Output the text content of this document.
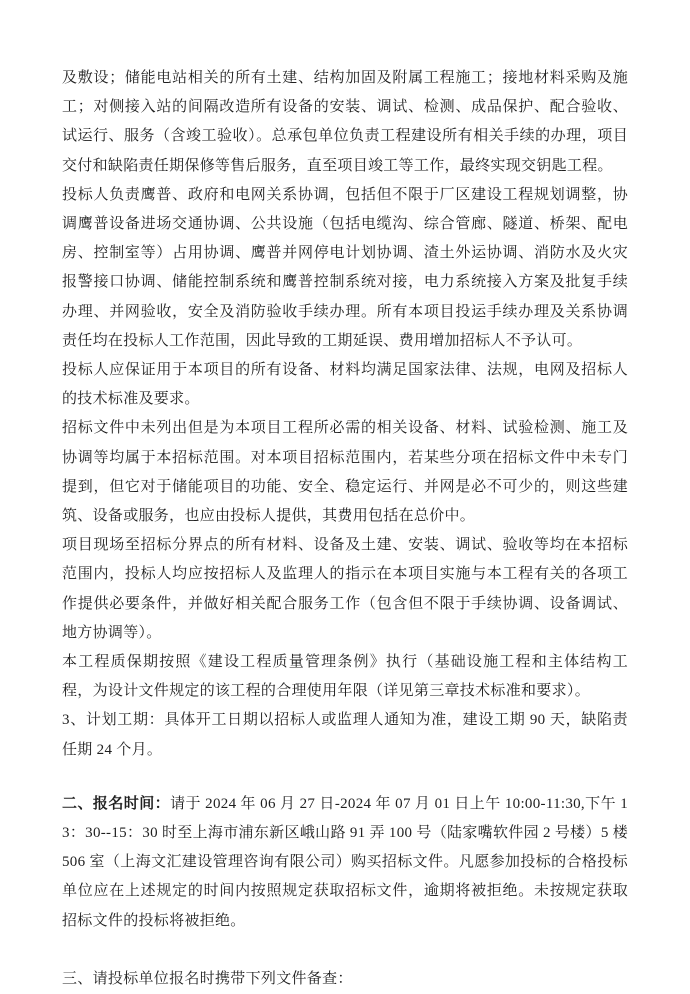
及敷设；储能电站相关的所有土建、结构加固及附属工程施工；接地材料采购及施工；对侧接入站的间隔改造所有设备的安装、调试、检测、成品保护、配合验收、试运行、服务（含竣工验收）。总承包单位负责工程建设所有相关手续的办理，项目交付和缺陷责任期保修等售后服务，直至项目竣工等工作，最终实现交钥匙工程。

投标人负责鹰普、政府和电网关系协调，包括但不限于厂区建设工程规划调整，协调鹰普设备进场交通协调、公共设施（包括电缆沟、综合管廊、隧道、桥架、配电房、控制室等）占用协调、鹰普并网停电计划协调、渣土外运协调、消防水及火灾报警接口协调、储能控制系统和鹰普控制系统对接，电力系统接入方案及批复手续办理、并网验收，安全及消防验收手续办理。所有本项目投运手续办理及关系协调责任均在投标人工作范围，因此导致的工期延误、费用增加招标人不予认可。

投标人应保证用于本项目的所有设备、材料均满足国家法律、法规，电网及招标人的技术标准及要求。

招标文件中未列出但是为本项目工程所必需的相关设备、材料、试验检测、施工及协调等均属于本招标范围。对本项目招标范围内，若某些分项在招标文件中未专门提到，但它对于储能项目的功能、安全、稳定运行、并网是必不可少的，则这些建筑、设备或服务，也应由投标人提供，其费用包括在总价中。

项目现场至招标分界点的所有材料、设备及土建、安装、调试、验收等均在本招标范围内，投标人均应按招标人及监理人的指示在本项目实施与本工程有关的各项工作提供必要条件，并做好相关配合服务工作（包含但不限于手续协调、设备调试、地方协调等）。

本工程质保期按照《建设工程质量管理条例》执行（基础设施工程和主体结构工程，为设计文件规定的该工程的合理使用年限（详见第三章技术标准和要求）。

3、计划工期：具体开工日期以招标人或监理人通知为准，建设工期 90 天，缺陷责任期 24 个月。

二、报名时间：请于 2024 年 06 月 27 日-2024 年 07 月 01 日上午 10:00-11:30,下午 13：30--15：30 时至上海市浦东新区峨山路 91 弄 100 号（陆家嘴软件园 2 号楼）5 楼 506 室（上海文汇建设管理咨询有限公司）购买招标文件。凡愿参加投标的合格投标单位应在上述规定的时间内按照规定获取招标文件，逾期将被拒绝。未按规定获取招标文件的投标将被拒绝。

三、请投标单位报名时携带下列文件备查：
